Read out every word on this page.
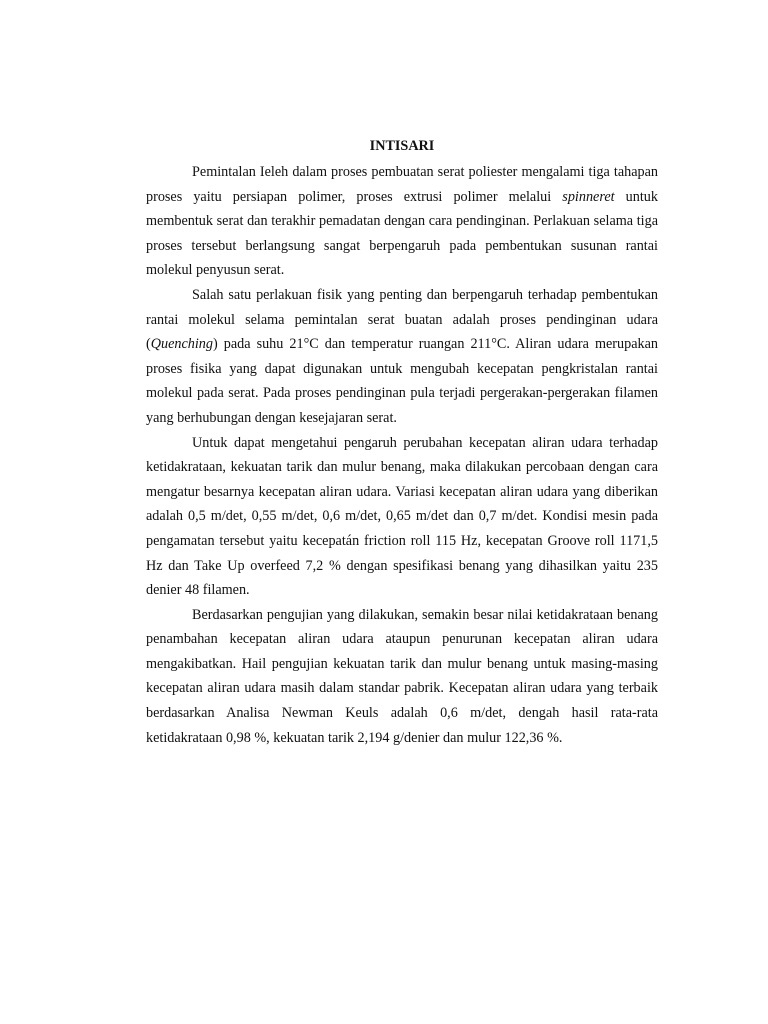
INTISARI

Pemintalan Ieleh dalam proses pembuatan serat poliester mengalami tiga tahapan proses yaitu persiapan polimer, proses extrusi polimer melalui spinneret untuk membentuk serat dan terakhir pemadatan dengan cara pendinginan. Perlakuan selama tiga proses tersebut berlangsung sangat berpengaruh pada pembentukan susunan rantai molekul penyusun serat.

Salah satu perlakuan fisik yang penting dan berpengaruh terhadap pembentukan rantai molekul selama pemintalan serat buatan adalah proses pendinginan udara (Quenching) pada suhu 21°C dan temperatur ruangan 211°C. Aliran udara merupakan proses fisika yang dapat digunakan untuk mengubah kecepatan pengkristalan rantai molekul pada serat. Pada proses pendinginan pula terjadi pergerakan-pergerakan filamen yang berhubungan dengan kesejajaran serat.

Untuk dapat mengetahui pengaruh perubahan kecepatan aliran udara terhadap ketidakrataan, kekuatan tarik dan mulur benang, maka dilakukan percobaan dengan cara mengatur besarnya kecepatan aliran udara. Variasi kecepatan aliran udara yang diberikan adalah 0,5 m/det, 0,55 m/det, 0,6 m/det, 0,65 m/det dan 0,7 m/det. Kondisi mesin pada pengamatan tersebut yaitu kecepatán friction roll 115 Hz, kecepatan Groove roll 1171,5 Hz dan Take Up overfeed 7,2 % dengan spesifikasi benang yang dihasilkan yaitu 235 denier 48 filamen.

Berdasarkan pengujian yang dilakukan, semakin besar nilai ketidakrataan benang penambahan kecepatan aliran udara ataupun penurunan kecepatan aliran udara mengakibatkan. Hail pengujian kekuatan tarik dan mulur benang untuk masing-masing kecepatan aliran udara masih dalam standar pabrik. Kecepatan aliran udara yang terbaik berdasarkan Analisa Newman Keuls adalah 0,6 m/det, dengah hasil rata-rata ketidakrataan 0,98 %, kekuatan tarik 2,194 g/denier dan mulur 122,36 %.
